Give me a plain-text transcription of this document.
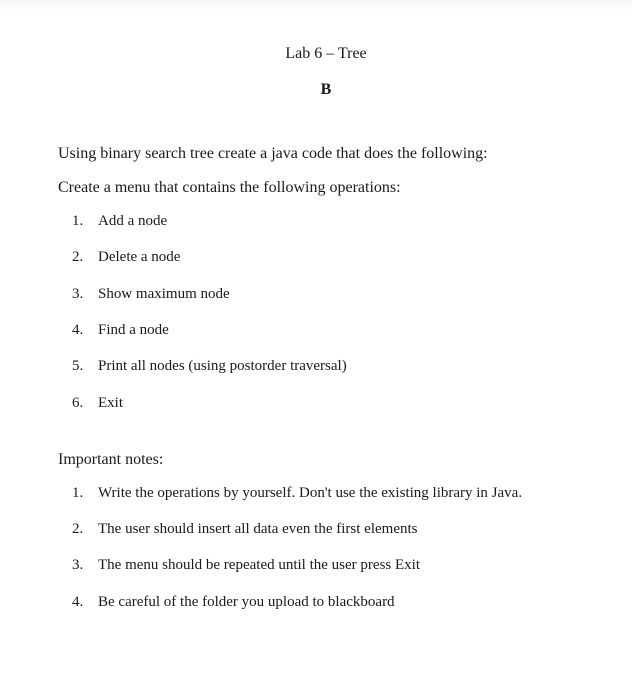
Lab 6 – Tree
B
Using binary search tree create a java code that does the following:
Create a menu that contains the following operations:
1. Add a node
2. Delete a node
3. Show maximum node
4. Find a node
5. Print all nodes (using postorder traversal)
6. Exit
Important notes:
1. Write the operations by yourself. Don't use the existing library in Java.
2. The user should insert all data even the first elements
3. The menu should be repeated until the user press Exit
4. Be careful of the folder you upload to blackboard
